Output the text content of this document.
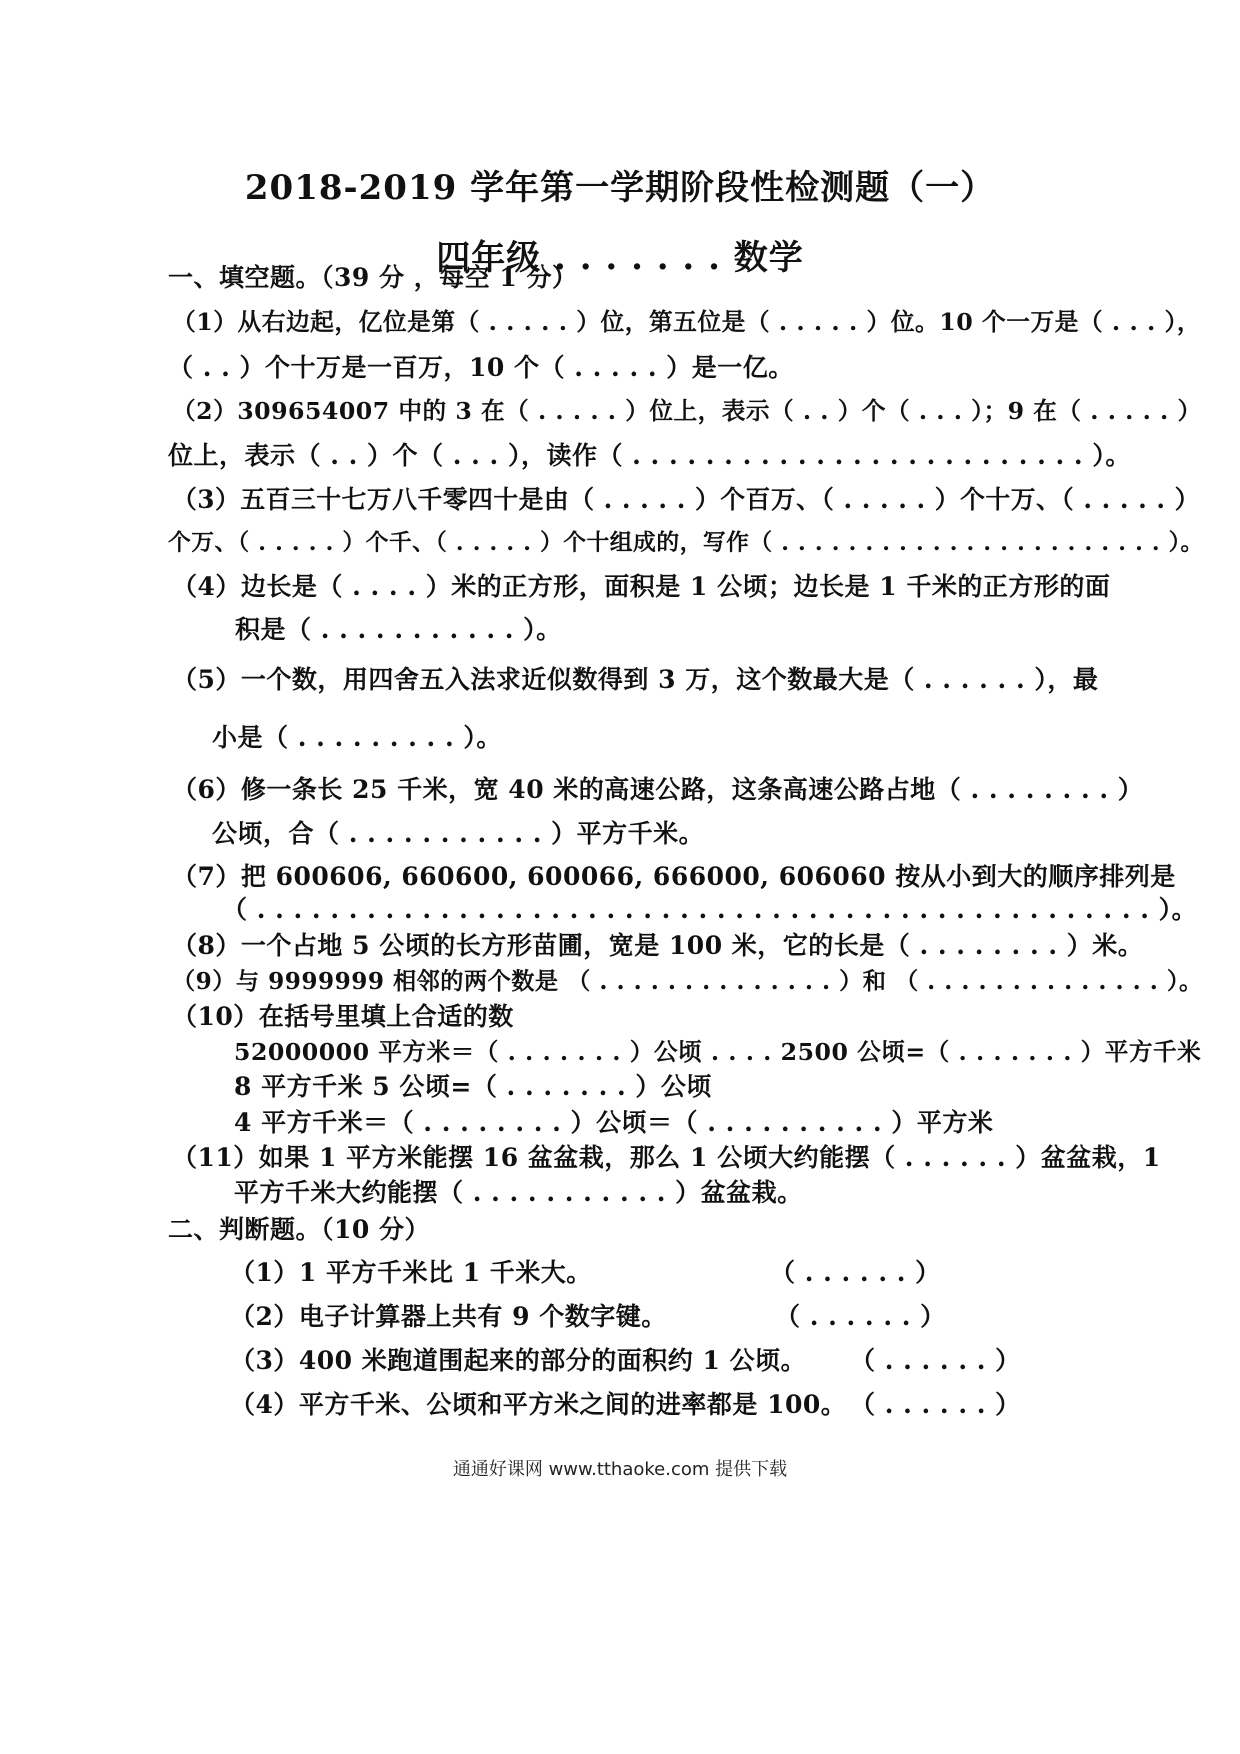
2018-2019 学年第一学期阶段性检测题（一）
四年级 . . . . . . . 数学
一、填空题。（39 分 ，每空 1 分）
（1）从右边起，亿位是第（ . . . . . ）位，第五位是（ . . . . . ）位。10 个一万是（ . . . ），
（ . . ）个十万是一百万，10 个（ . . . . . ）是一亿。
（2）309654007 中的 3 在（ . . . . . ）位上，表示（ . . ）个（ . . . ）；9 在（ . . . . . ）
位上，表示（ . . ）个（ . . . ），读作（ . . . . . . . . . . . . . . . . . . . . . . . . . ）。
（3）五百三十七万八千零四十是由（ . . . . . ）个百万、（ . . . . . ）个十万、（ . . . . . ）
个万、（ . . . . . ）个千、（ . . . . . ）个十组成的，写作（ . . . . . . . . . . . . . . . . . . . . . . . ）。
（4）边长是（ . . . . ）米的正方形，面积是 1 公顷；边长是 1 千米的正方形的面
积是（ . . . . . . . . . . . ）。
（5）一个数，用四舍五入法求近似数得到 3 万，这个数最大是（ . . . . . . ），最
小是（ . . . . . . . . . ）。
（6）修一条长 25 千米，宽 40 米的高速公路，这条高速公路占地（ . . . . . . . . ）
公顷，合（ . . . . . . . . . . . ）平方千米。
（7）把 600606, 660600, 600066, 666000, 606060 按从小到大的顺序排列是
（ . . . . . . . . . . . . . . . . . . . . . . . . . . . . . . . . . . . . . . . . . . . . . . . . . ）。
（8）一个占地 5 公顷的长方形苗圃，宽是 100 米，它的长是（ . . . . . . . . ）米。
（9）与 9999999 相邻的两个数是 （ . . . . . . . . . . . . . . ）和 （ . . . . . . . . . . . . . . ）。
（10）在括号里填上合适的数
52000000 平方米＝（ . . . . . . . ）公顷 . . . . 2500 公顷=（ . . . . . . . ）平方千米
8 平方千米 5 公顷=（ . . . . . . . ）公顷
4 平方千米＝（ . . . . . . . . ）公顷＝（ . . . . . . . . . . ）平方米
（11）如果 1 平方米能摆 16 盆盆栽，那么 1 公顷大约能摆（ . . . . . . ）盆盆栽，1
平方千米大约能摆（ . . . . . . . . . . . ）盆盆栽。
二、判断题。（10 分）
（1）1 平方千米比 1 千米大。	（ . . . . . . ）
（2）电子计算器上共有 9 个数字键。	（ . . . . . . ）
（3）400 米跑道围起来的部分的面积约 1 公顷。 （ . . . . . . ）
（4）平方千米、公顷和平方米之间的进率都是 100。 （ . . . . . . ）
通通好课网 www.tthaoke.com 提供下载
